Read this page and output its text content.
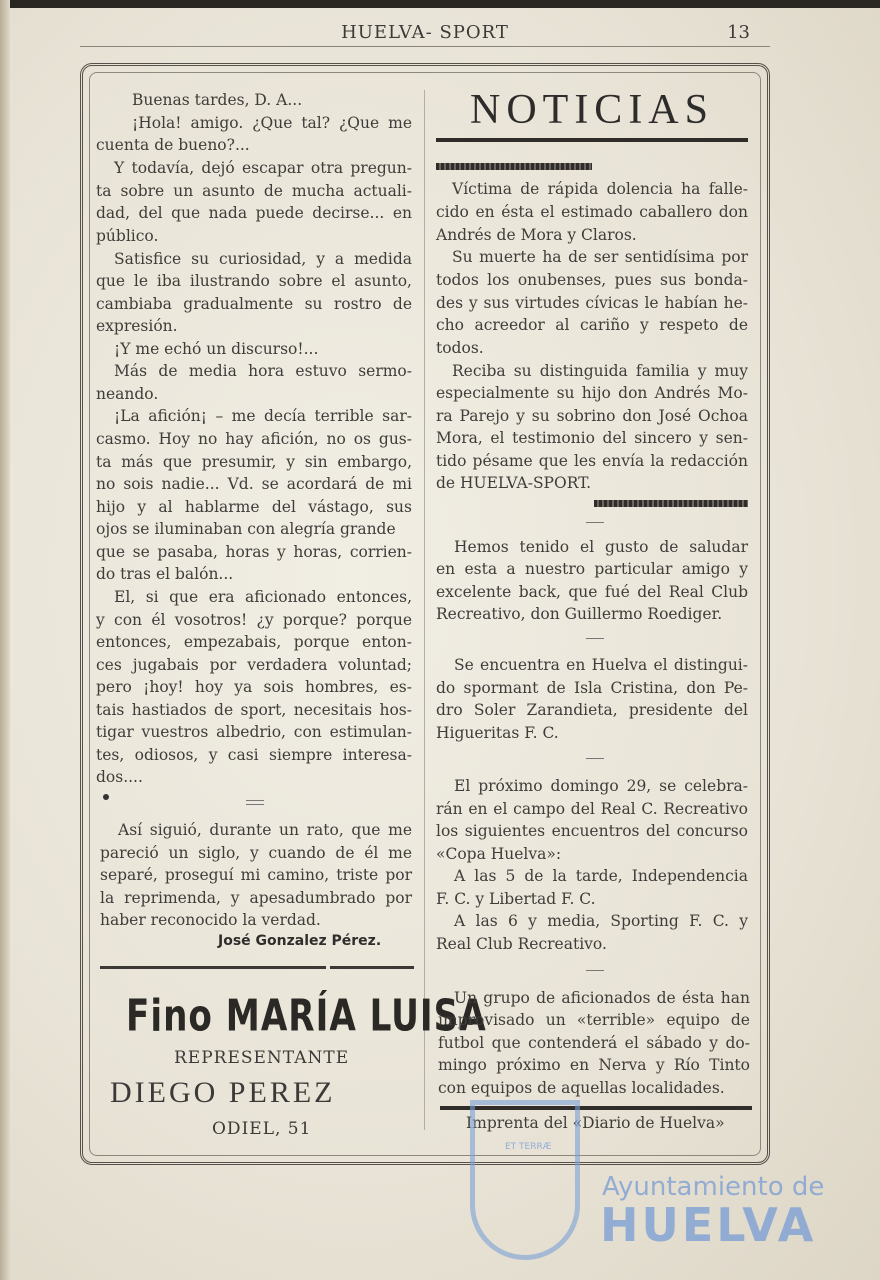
HUELVA- SPORT	13

Buenas tardes, D. A...

¡Hola! amigo. ¿Que tal? ¿Que me

cuenta de bueno?...

Y todavía, dejó escapar otra pregun-

ta sobre un asunto de mucha actuali-

dad, del que nada puede decirse... en

público.

Satisfice su curiosidad, y a medida

que le iba ilustrando sobre el asunto,

cambiaba gradualmente su rostro de

expresión.

¡Y me echó un discurso!...

Más de media hora estuvo sermo-

neando.

¡La afición¡ – me decía terrible sar-

casmo. Hoy no hay afición, no os gus-

ta más que presumir, y sin embargo,

no sois nadie... Vd. se acordará de mi

hijo y al hablarme del vástago, sus

ojos se iluminaban con alegría grande

que se pasaba, horas y horas, corrien-

do tras el balón...

El, si que era aficionado entonces,

y con él vosotros! ¿y porque? porque

entonces, empezabais, porque enton-

ces jugabais por verdadera voluntad;

pero ¡hoy! hoy ya sois hombres, es-

tais hastiados de sport, necesitais hos-

tigar vuestros albedrio, con estimulan-

tes, odiosos, y casi siempre interesa-

dos....

Así siguió, durante un rato, que me

pareció un siglo, y cuando de él me

separé, proseguí mi camino, triste por

la reprimenda, y apesadumbrado por

haber reconocido la verdad.

José Gonzalez Pérez.
Fino MARÍA LUISA
REPRESENTANTE
DIEGO PEREZ
ODIEL, 51
NOTICIAS

Víctima de rápida dolencia ha falle-

cido en ésta el estimado caballero don

Andrés de Mora y Claros.

Su muerte ha de ser sentidísima por

todos los onubenses, pues sus bonda-

des y sus virtudes cívicas le habían he-

cho acreedor al cariño y respeto de

todos.

Reciba su distinguida familia y muy

especialmente su hijo don Andrés Mo-

ra Parejo y su sobrino don José Ochoa

Mora, el testimonio del sincero y sen-

tido pésame que les envía la redacción

de HUELVA-SPORT.

Hemos tenido el gusto de saludar

en esta a nuestro particular amigo y

excelente back, que fué del Real Club

Recreativo, don Guillermo Roediger.

Se encuentra en Huelva el distingui-

do spormant de Isla Cristina, don Pe-

dro Soler Zarandieta, presidente del

Higueritas F. C.

El próximo domingo 29, se celebra-

rán en el campo del Real C. Recreativo

los siguientes encuentros del concurso

«Copa Huelva»:

A las 5 de la tarde, Independencia

F. C. y Libertad F. C.

A las 6 y media, Sporting F. C. y

Real Club Recreativo.

Un grupo de aficionados de ésta han

improvisado un «terrible» equipo de

futbol que contenderá el sábado y do-

mingo próximo en Nerva y Río Tinto

con equipos de aquellas localidades.

Imprenta del «Diario de Huelva»

ET TERRÆ
Ayuntamiento de
HUELVA
